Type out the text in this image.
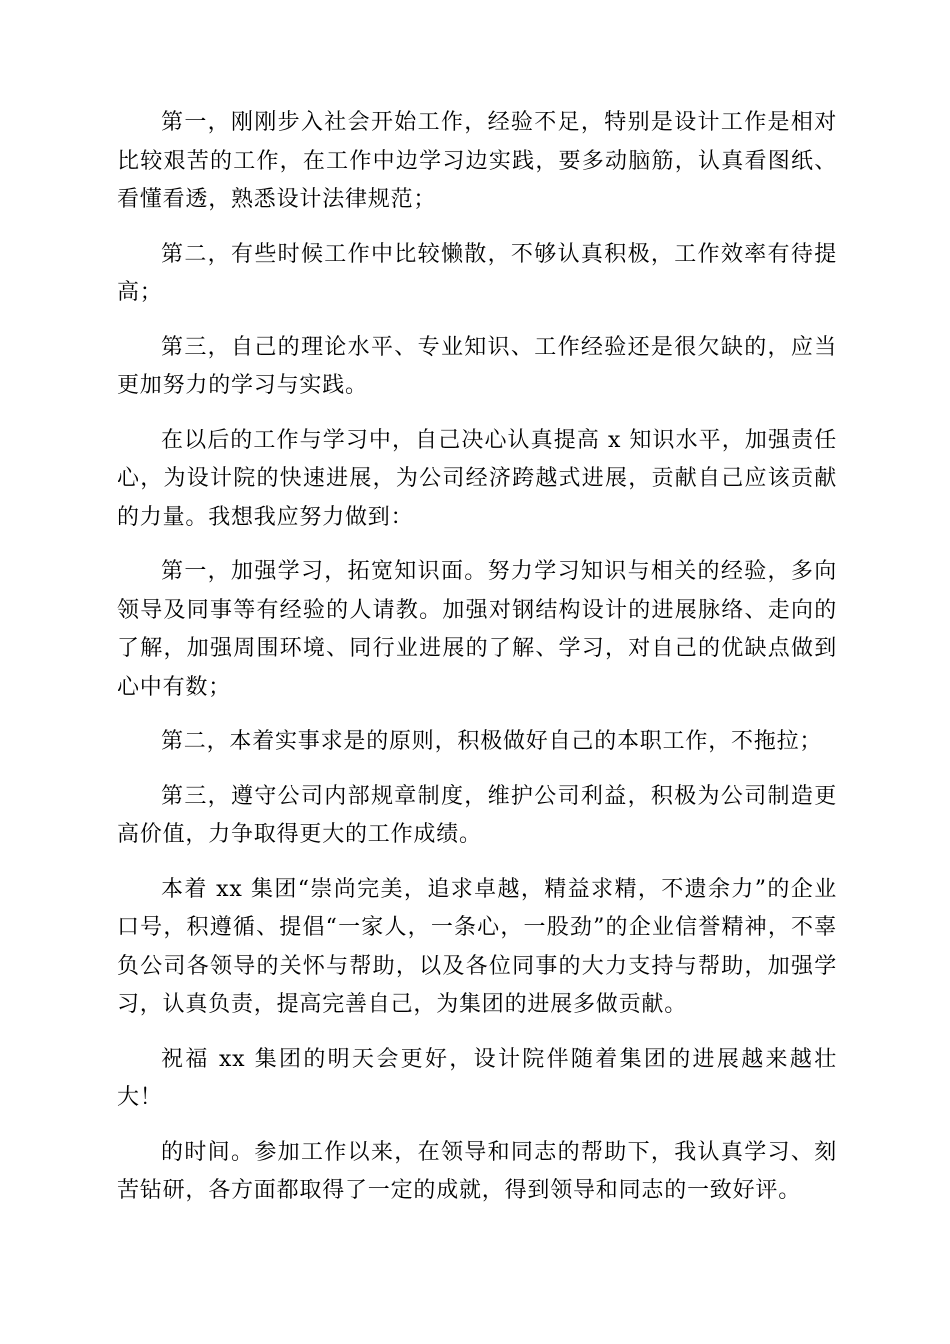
第一，刚刚步入社会开始工作，经验不足，特别是设计工作是相对比较艰苦的工作，在工作中边学习边实践，要多动脑筋，认真看图纸、看懂看透，熟悉设计法律规范；

第二，有些时候工作中比较懒散，不够认真积极，工作效率有待提高；

第三，自己的理论水平、专业知识、工作经验还是很欠缺的，应当更加努力的学习与实践。

在以后的工作与学习中，自己决心认真提高 x 知识水平，加强责任心，为设计院的快速进展，为公司经济跨越式进展，贡献自己应该贡献的力量。我想我应努力做到：

第一，加强学习，拓宽知识面。努力学习知识与相关的经验，多向领导及同事等有经验的人请教。加强对钢结构设计的进展脉络、走向的了解，加强周围环境、同行业进展的了解、学习，对自己的优缺点做到心中有数；

第二，本着实事求是的原则，积极做好自己的本职工作，不拖拉；

第三，遵守公司内部规章制度，维护公司利益，积极为公司制造更高价值，力争取得更大的工作成绩。

本着 xx 集团“崇尚完美，追求卓越，精益求精，不遗余力”的企业口号，积遵循、提倡“一家人，一条心，一股劲”的企业信誉精神，不辜负公司各领导的关怀与帮助，以及各位同事的大力支持与帮助，加强学习，认真负责，提高完善自己，为集团的进展多做贡献。

祝福 xx 集团的明天会更好，设计院伴随着集团的进展越来越壮大！

的时间。参加工作以来，在领导和同志的帮助下，我认真学习、刻苦钻研，各方面都取得了一定的成就，得到领导和同志的一致好评。
